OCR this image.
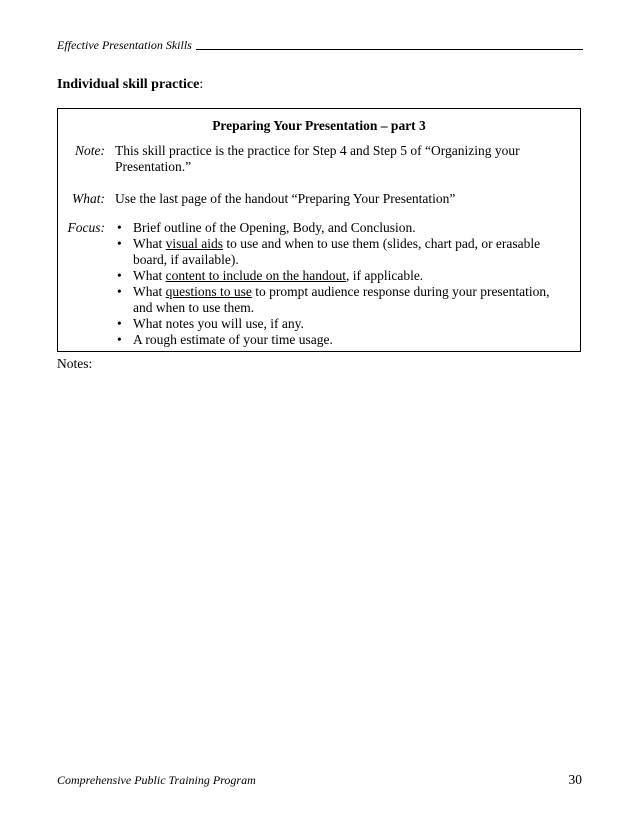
Effective Presentation Skills
Individual skill practice:
Preparing Your Presentation – part 3
Note: This skill practice is the practice for Step 4 and Step 5 of “Organizing your Presentation.”
What: Use the last page of the handout “Preparing Your Presentation”
Focus: • Brief outline of the Opening, Body, and Conclusion.
• What visual aids to use and when to use them (slides, chart pad, or erasable board, if available).
• What content to include on the handout, if applicable.
• What questions to use to prompt audience response during your presentation, and when to use them.
• What notes you will use, if any.
• A rough estimate of your time usage.
Notes:
Comprehensive Public Training Program	30
